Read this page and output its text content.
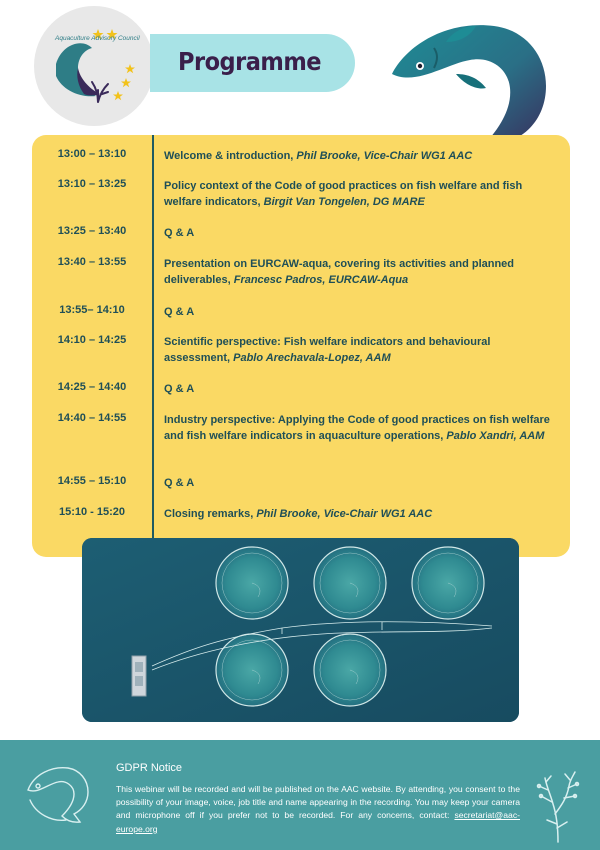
Aquaculture Advisory Council
Programme
13:00 – 13:10	Welcome & introduction, Phil Brooke, Vice-Chair WG1 AAC
13:10 – 13:25	Policy context of the Code of good practices on fish welfare and fish welfare indicators, Birgit Van Tongelen, DG MARE
13:25 – 13:40	Q & A
13:40 – 13:55	Presentation on EURCAW-aqua, covering its activities and planned deliverables, Francesc Padros, EURCAW-Aqua
13:55– 14:10	Q & A
14:10 – 14:25	Scientific perspective: Fish welfare indicators and behavioural assessment, Pablo Arechavala-Lopez, AAM
14:25 – 14:40	Q & A
14:40 – 14:55	Industry perspective: Applying the Code of good practices on fish welfare and fish welfare indicators in aquaculture operations, Pablo Xandri, AAM
14:55 – 15:10	Q & A
15:10 - 15:20	Closing remarks, Phil Brooke, Vice-Chair WG1 AAC
GDPR Notice
This webinar will be recorded and will be published on the AAC website. By attending, you consent to the possibility of your image, voice, job title and name appearing in the recording. You may keep your camera and microphone off if you prefer not to be recorded. For any concerns, contact: secretariat@aac-europe.org
